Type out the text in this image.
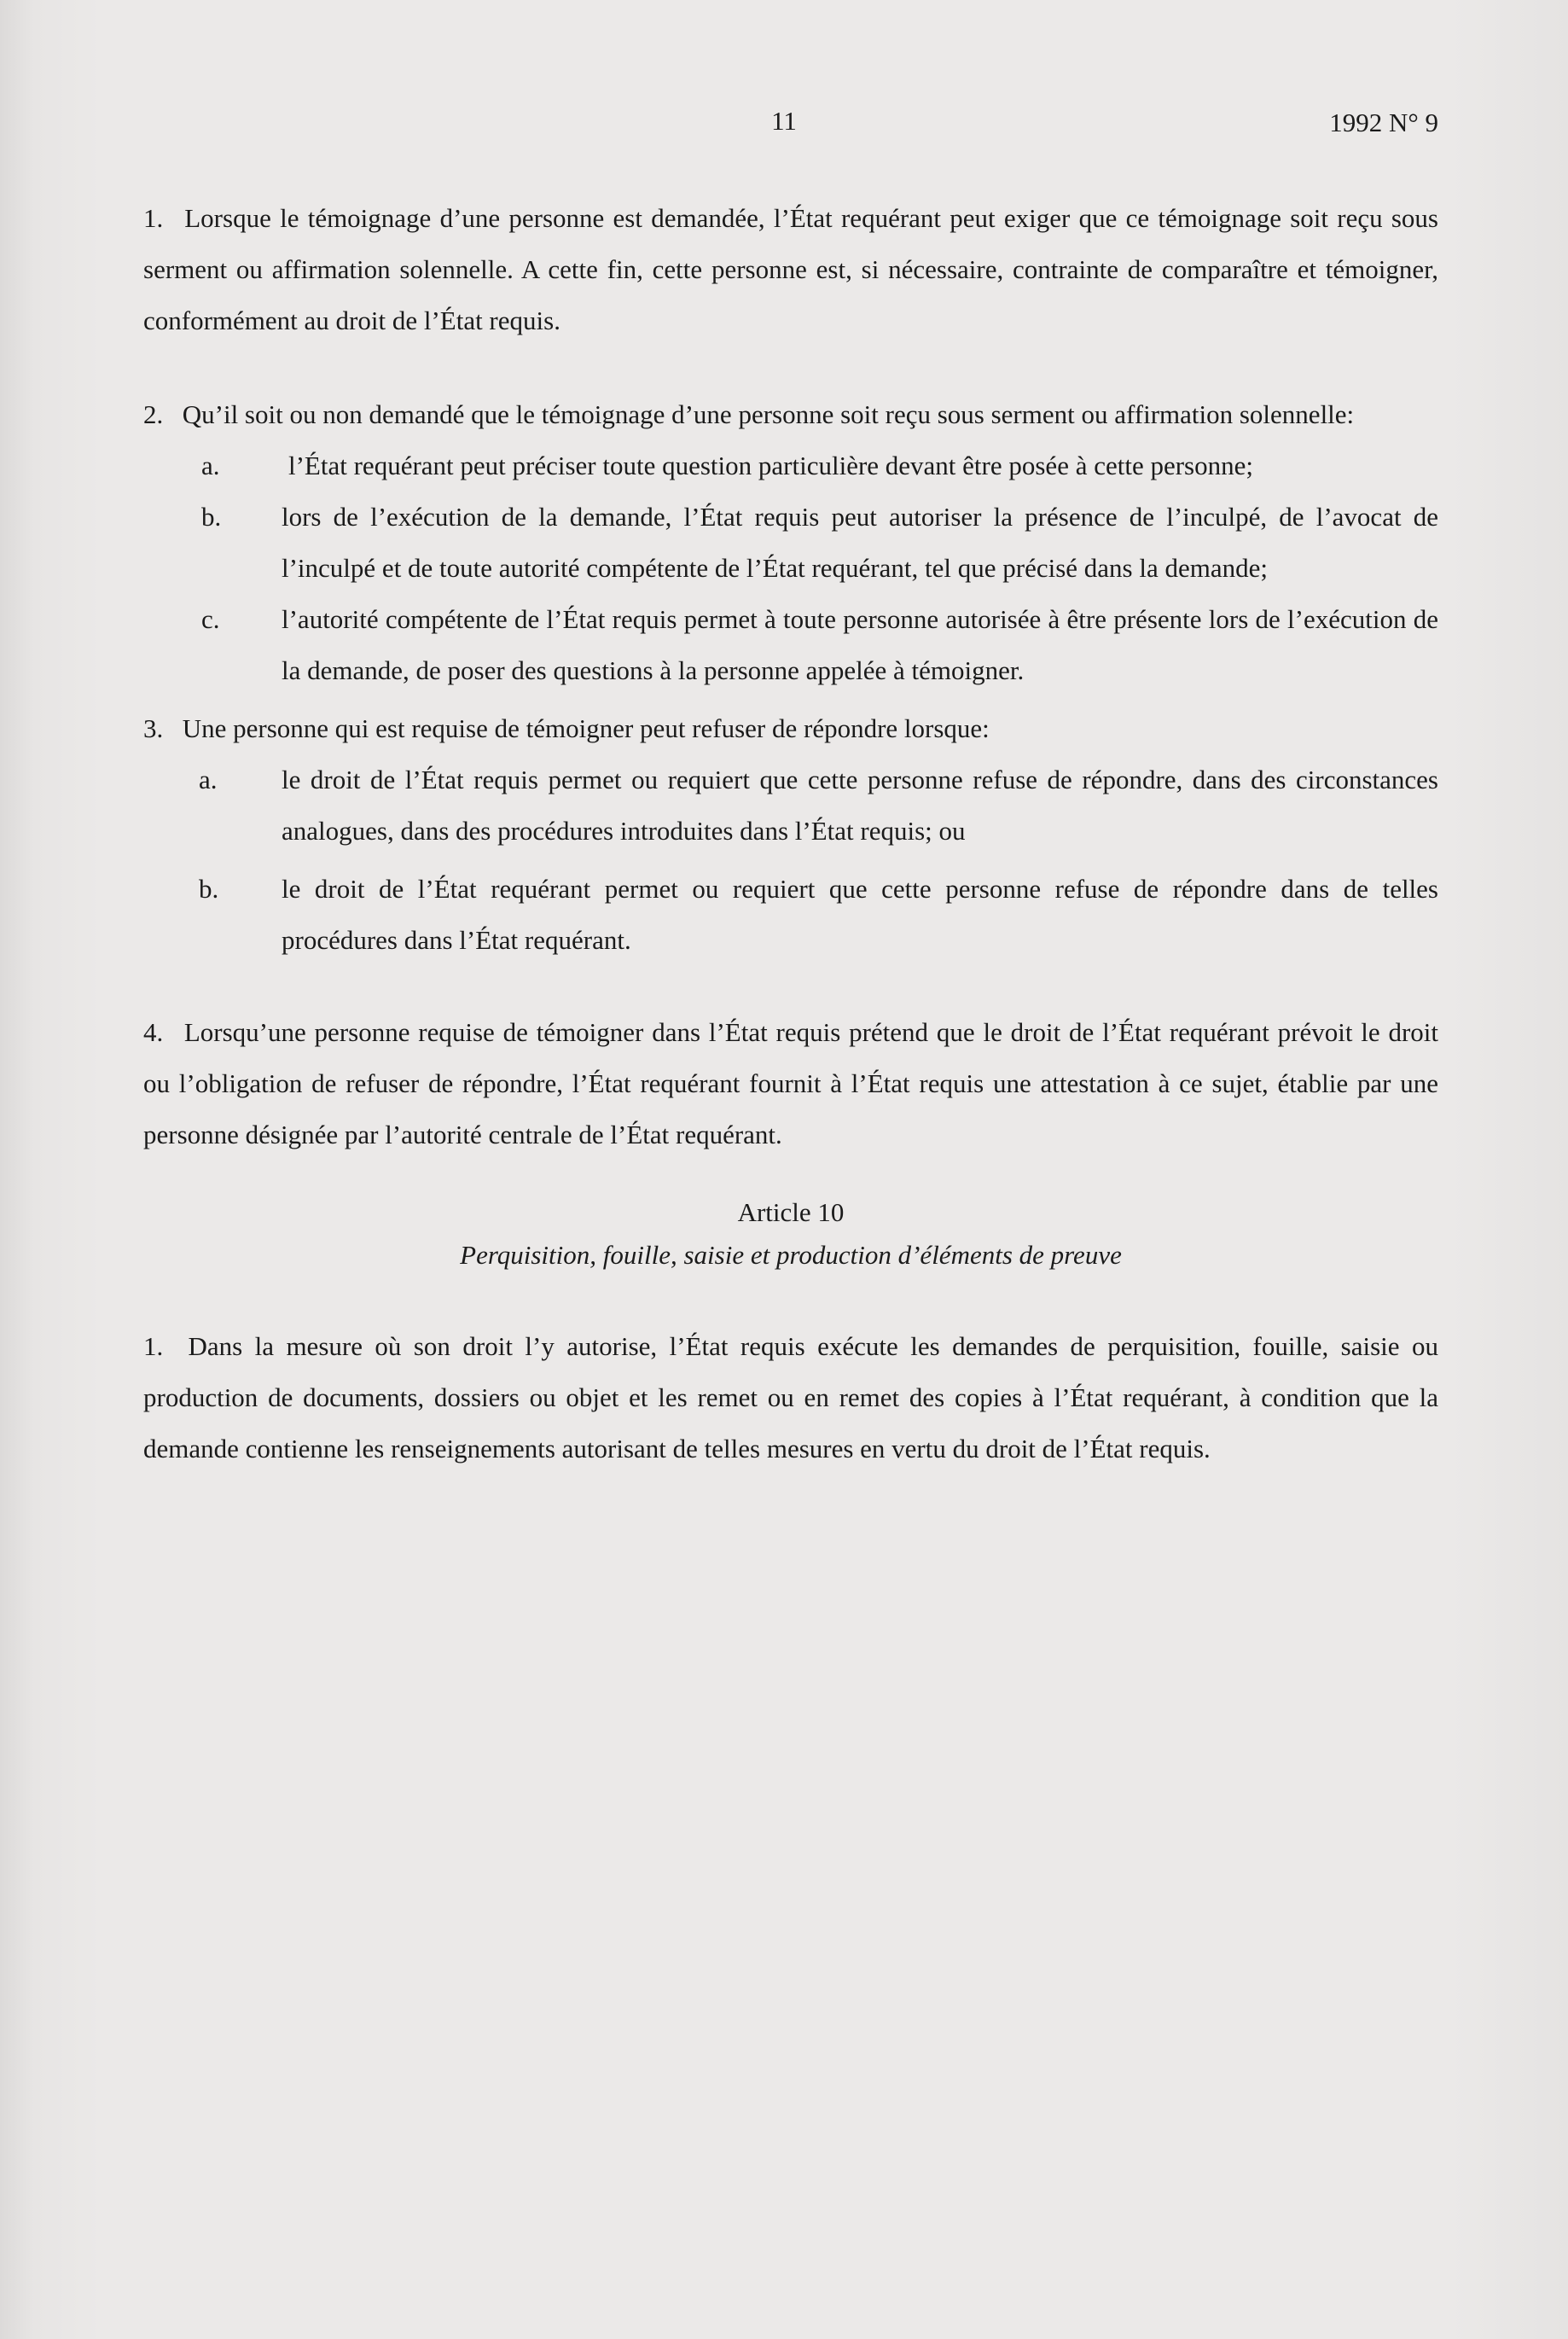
11	1992 N° 9

1. Lorsque le témoignage d’une personne est demandée, l’État requérant peut exiger que ce témoignage soit reçu sous serment ou affirmation solennelle. A cette fin, cette personne est, si nécessaire, contrainte de comparaître et témoigner, conformément au droit de l’État requis.

2. Qu’il soit ou non demandé que le témoignage d’une personne soit reçu sous serment ou affirmation solennelle:

a.	l’État requérant peut préciser toute question particulière devant être posée à cette personne;
b. lors de l’exécution de la demande, l’État requis peut autoriser la présence de l’inculpé, de l’avocat de l’inculpé et de toute autorité compétente de l’État requérant, tel que précisé dans la demande;
c. l’autorité compétente de l’État requis permet à toute personne autorisée à être présente lors de l’exécution de la demande, de poser des questions à la personne appelée à témoigner.

3. Une personne qui est requise de témoigner peut refuser de répondre lorsque:

a. le droit de l’État requis permet ou requiert que cette personne refuse de répondre, dans des circonstances analogues, dans des procédures introduites dans l’État requis; ou
b. le droit de l’État requérant permet ou requiert que cette personne refuse de répondre dans de telles procédures dans l’État requérant.

4. Lorsqu’une personne requise de témoigner dans l’État requis prétend que le droit de l’État requérant prévoit le droit ou l’obligation de refuser de répondre, l’État requérant fournit à l’État requis une attestation à ce sujet, établie par une personne désignée par l’autorité centrale de l’État requérant.

Article 10

Perquisition, fouille, saisie et production d’éléments de preuve

1. Dans la mesure où son droit l’y autorise, l’État requis exécute les demandes de perquisition, fouille, saisie ou production de documents, dossiers ou objet et les remet ou en remet des copies à l’État requérant, à condition que la demande contienne les renseignements autorisant de telles mesures en vertu du droit de l’État requis.
